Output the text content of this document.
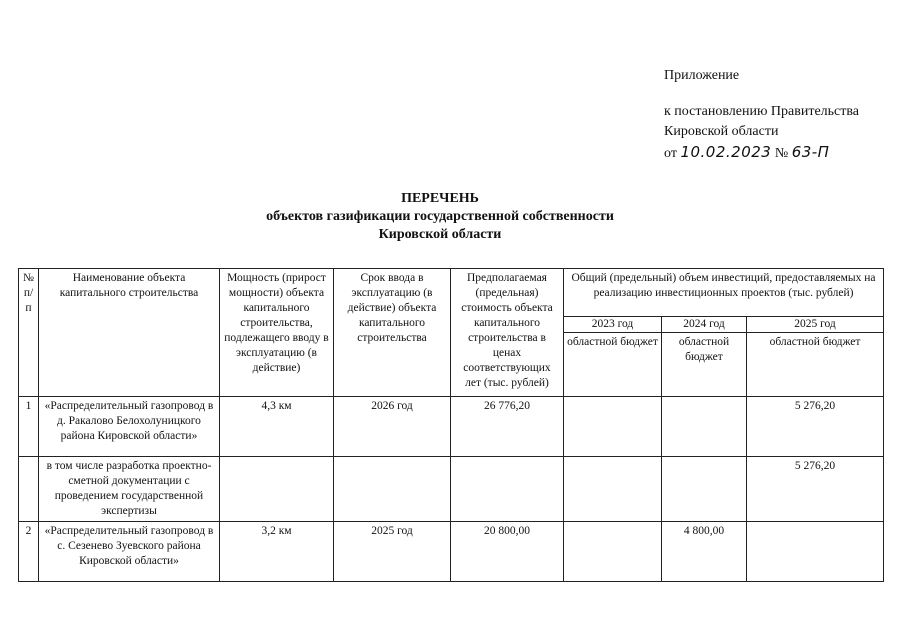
Приложение
к постановлению Правительства
Кировской области
от 10.02.2023 № 63-П
ПЕРЕЧЕНЬ
объектов газификации государственной собственности
Кировской области
№ п/п	Наименование объекта капитального строительства	Мощность (прирост мощности) объекта капитального строительства, подлежащего вводу в эксплуатацию (в действие)	Срок ввода в эксплуатацию (в действие) объекта капитального строительства	Предполагаемая (предельная) стоимость объекта капитального строительства в ценах соответствующих лет (тыс. рублей)	Общий (предельный) объем инвестиций, предоставляемых на реализацию инвестиционных проектов (тыс. рублей)		
					2023 год	2024 год	2025 год
					областной бюджет	областной бюджет	областной бюджет
1	«Распределительный газопровод в д. Ракалово Белохолуницкого района Кировской области»	4,3 км	2026 год	26 776,20			5 276,20
	в том числе разработка проектно-сметной документации с проведением государственной экспертизы						5 276,20
2	«Распределительный газопровод в с. Сезенево Зуевского района Кировской области»	3,2 км	2025 год	20 800,00		4 800,00	
